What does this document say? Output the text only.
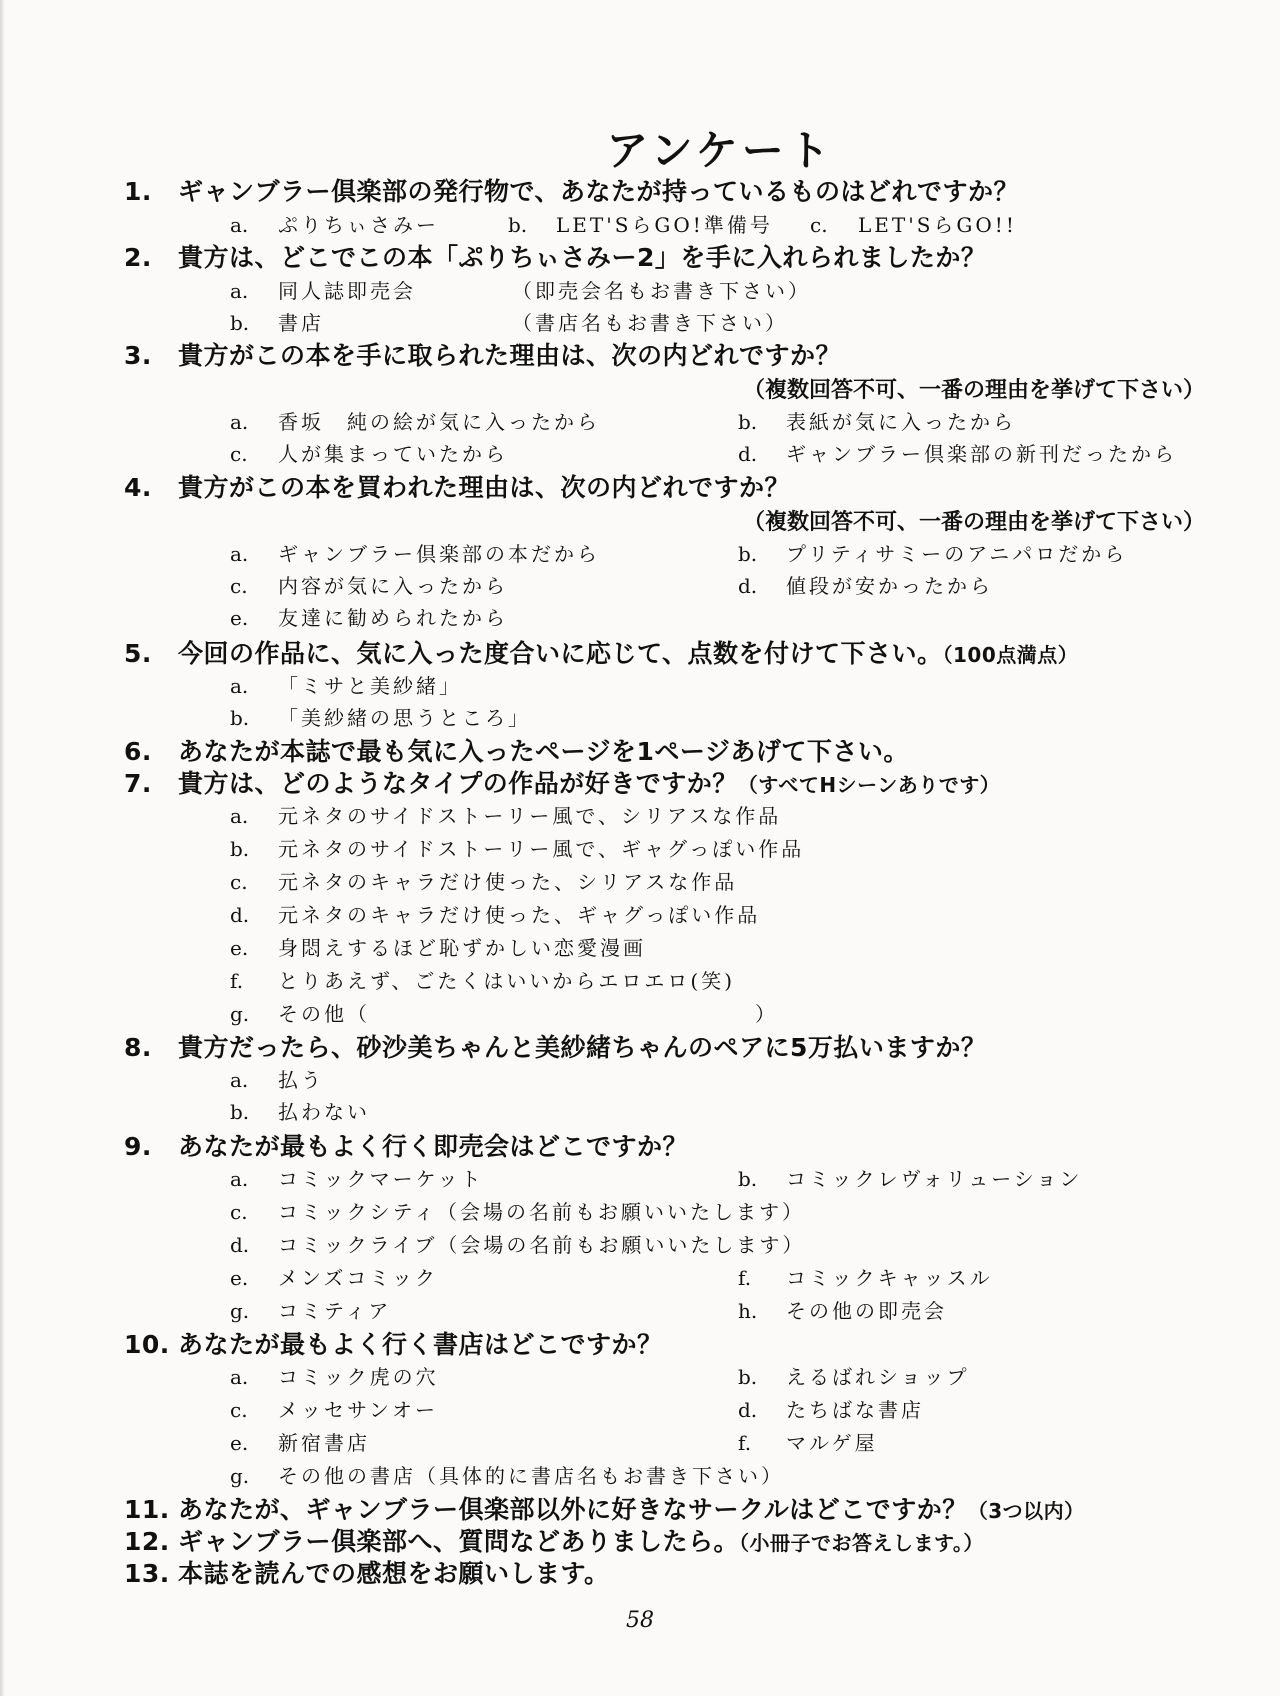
アンケート
1. ギャンブラー倶楽部の発行物で、あなたが持っているものはどれですか？
a. ぷりちぃさみー	b. LET'SらGO!準備号 c. LET'SらGO!!
2. 貴方は、どこでこの本「ぷりちぃさみー2」を手に入れられましたか？
a. 同人誌即売会	（即売会名もお書き下さい）
b. 書店	（書店名もお書き下さい）
3. 貴方がこの本を手に取られた理由は、次の内どれですか？
（複数回答不可、一番の理由を挙げて下さい）
a. 香坂　純の絵が気に入ったから	b. 表紙が気に入ったから
c. 人が集まっていたから	d. ギャンブラー倶楽部の新刊だったから
4. 貴方がこの本を買われた理由は、次の内どれですか？
（複数回答不可、一番の理由を挙げて下さい）
a. ギャンブラー倶楽部の本だから	b. プリティサミーのアニパロだから
c. 内容が気に入ったから	d. 値段が安かったから
e. 友達に勧められたから
5. 今回の作品に、気に入った度合いに応じて、点数を付けて下さい。（100点満点）
a. 「ミサと美紗緒」
b. 「美紗緒の思うところ」
6. あなたが本誌で最も気に入ったページを1ページあげて下さい。
7. 貴方は、どのようなタイプの作品が好きですか？（すべてHシーンありです）
a. 元ネタのサイドストーリー風で、シリアスな作品
b. 元ネタのサイドストーリー風で、ギャグっぽい作品
c. 元ネタのキャラだけ使った、シリアスな作品
d. 元ネタのキャラだけ使った、ギャグっぽい作品
e. 身悶えするほど恥ずかしい恋愛漫画
f. とりあえず、ごたくはいいからエロエロ(笑)
g. その他（	）
8. 貴方だったら、砂沙美ちゃんと美紗緒ちゃんのペアに5万払いますか？
a. 払う
b. 払わない
9. あなたが最もよく行く即売会はどこですか？
a. コミックマーケット	b. コミックレヴォリューション
c. コミックシティ（会場の名前もお願いいたします）
d. コミックライブ（会場の名前もお願いいたします）
e. メンズコミック	f. コミックキャッスル
g. コミティア	h. その他の即売会
10. あなたが最もよく行く書店はどこですか？
a. コミック虎の穴	b. えるばれショップ
c. メッセサンオー	d. たちばな書店
e. 新宿書店	f. マルゲ屋
g. その他の書店（具体的に書店名もお書き下さい）
11. あなたが、ギャンブラー倶楽部以外に好きなサークルはどこですか？（3つ以内）
12. ギャンブラー倶楽部へ、質問などありましたら。（小冊子でお答えします。）
13. 本誌を読んでの感想をお願いします。
58
